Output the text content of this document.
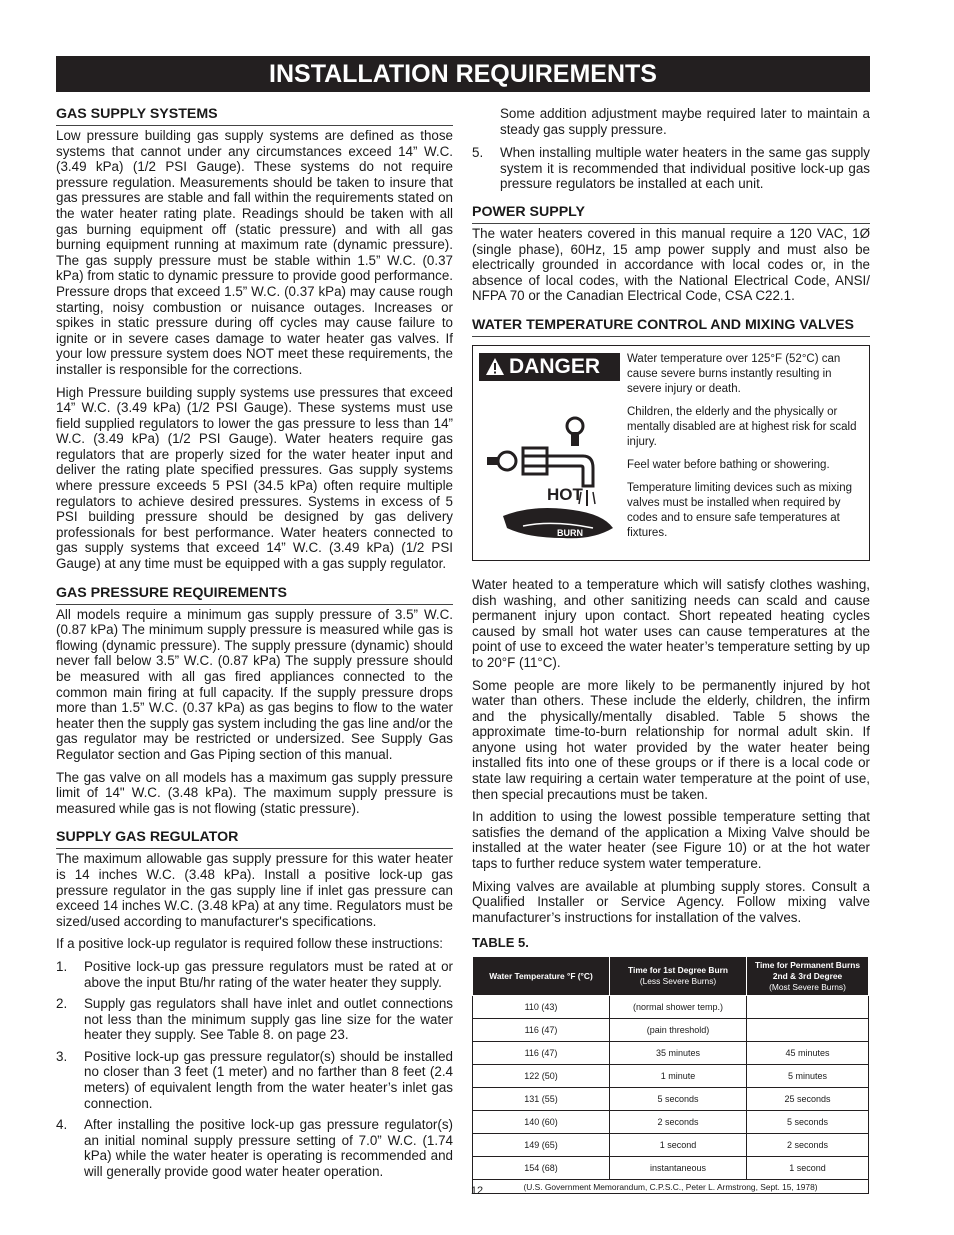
INSTALLATION REQUIREMENTS
GAS SUPPLY SYSTEMS

Low pressure building gas supply systems are defined as those systems that cannot under any circumstances exceed 14” W.C. (3.49 kPa) (1/2 PSI Gauge). These systems do not require pressure regulation. Measurements should be taken to insure that gas pressures are stable and fall within the requirements stated on the water heater rating plate. Readings should be taken with all gas burning equipment off (static pressure) and with all gas burning equipment running at maximum rate (dynamic pressure). The gas supply pressure must be stable within 1.5” W.C. (0.37 kPa) from static to dynamic pressure to provide good performance. Pressure drops that exceed 1.5” W.C. (0.37 kPa) may cause rough starting, noisy combustion or nuisance outages. Increases or spikes in static pressure during off cycles may cause failure to ignite or in severe cases damage to water heater gas valves. If your low pressure system does NOT meet these requirements, the installer is responsible for the corrections.

High Pressure building supply systems use pressures that exceed 14” W.C. (3.49 kPa) (1/2 PSI Gauge). These systems must use field supplied regulators to lower the gas pressure to less than 14” W.C. (3.49 kPa) (1/2 PSI Gauge). Water heaters require gas regulators that are properly sized for the water heater input and deliver the rating plate specified pressures. Gas supply systems where pressure exceeds 5 PSI (34.5 kPa) often require multiple regulators to achieve desired pressures. Systems in excess of 5 PSI building pressure should be designed by gas delivery professionals for best performance. Water heaters connected to gas supply systems that exceed 14” W.C. (3.49 kPa) (1/2 PSI Gauge) at any time must be equipped with a gas supply regulator.

GAS PRESSURE REQUIREMENTS

All models require a minimum gas supply pressure of 3.5” W.C. (0.87 kPa) The minimum supply pressure is measured while gas is flowing (dynamic pressure). The supply pressure (dynamic) should never fall below 3.5” W.C. (0.87 kPa) The supply pressure should be measured with all gas fired appliances connected to the common main firing at full capacity. If the supply pressure drops more than 1.5” W.C. (0.37 kPa) as gas begins to flow to the water heater then the supply gas system including the gas line and/or the gas regulator may be restricted or undersized. See Supply Gas Regulator section and Gas Piping section of this manual.

The gas valve on all models has a maximum gas supply pressure limit of 14" W.C. (3.48 kPa). The maximum supply pressure is measured while gas is not flowing (static pressure).

SUPPLY GAS REGULATOR

The maximum allowable gas supply pressure for this water heater is 14 inches W.C. (3.48 kPa). Install a positive lock-up gas pressure regulator in the gas supply line if inlet gas pressure can exceed 14 inches W.C. (3.48 kPa) at any time. Regulators must be sized/used according to manufacturer's specifications.

If a positive lock-up regulator is required follow these instructions:

1. Positive lock-up gas pressure regulators must be rated at or above the input Btu/hr rating of the water heater they supply.
2. Supply gas regulators shall have inlet and outlet connections not less than the minimum supply gas line size for the water heater they supply. See Table 8. on page 23.
3. Positive lock-up gas pressure regulator(s) should be installed no closer than 3 feet (1 meter) and no farther than 8 feet (2.4 meters) of equivalent length from the water heater’s inlet gas connection.
4. After installing the positive lock-up gas pressure regulator(s) an initial nominal supply pressure setting of 7.0” W.C. (1.74 kPa) while the water heater is operating is recommended and will generally provide good water heater operation.
Some addition adjustment maybe required later to maintain a steady gas supply pressure.
5. When installing multiple water heaters in the same gas supply system it is recommended that individual positive lock-up gas pressure regulators be installed at each unit.
POWER SUPPLY

The water heaters covered in this manual require a 120 VAC, 1Ø (single phase), 60Hz, 15 amp power supply and must also be electrically grounded in accordance with local codes or, in the absence of local codes, with the National Electrical Code, ANSI/ NFPA 70 or the Canadian Electrical Code, CSA C22.1.

WATER TEMPERATURE CONTROL AND MIXING VALVES
DANGER
HOT
BURN

Water temperature over 125°F (52°C) can cause severe burns instantly resulting in severe injury or death.

Children, the elderly and the physically or mentally disabled are at highest risk for scald injury.

Feel water before bathing or showering.

Temperature limiting devices such as mixing valves must be installed when required by codes and to ensure safe temperatures at fixtures.

Water heated to a temperature which will satisfy clothes washing, dish washing, and other sanitizing needs can scald and cause permanent injury upon contact. Short repeated heating cycles caused by small hot water uses can cause temperatures at the point of use to exceed the water heater’s temperature setting by up to 20°F (11°C).

Some people are more likely to be permanently injured by hot water than others. These include the elderly, children, the infirm and the physically/mentally disabled. Table 5 shows the approximate time-to-burn relationship for normal adult skin. If anyone using hot water provided by the water heater being installed fits into one of these groups or if there is a local code or state law requiring a certain water temperature at the point of use, then special precautions must be taken.

In addition to using the lowest possible temperature setting that satisfies the demand of the application a Mixing Valve should be installed at the water heater (see Figure 10) or at the hot water taps to further reduce system water temperature.

Mixing valves are available at plumbing supply stores. Consult a Qualified Installer or Service Agency. Follow mixing valve manufacturer’s instructions for installation of the valves.

TABLE 5.
Water Temperature °F (°C)	Time for 1st Degree Burn
(Less Severe Burns)	Time for Permanent Burns 2nd & 3rd Degree
(Most Severe Burns)
110 (43)	(normal shower temp.)	
116 (47)	(pain threshold)	
116 (47)	35 minutes	45 minutes
122 (50)	1 minute	5 minutes
131 (55)	5 seconds	25 seconds
140 (60)	2 seconds	5 seconds
149 (65)	1 second	2 seconds
154 (68)	instantaneous	1 second
(U.S. Government Memorandum, C.P.S.C., Peter L. Armstrong, Sept. 15, 1978)		
12
